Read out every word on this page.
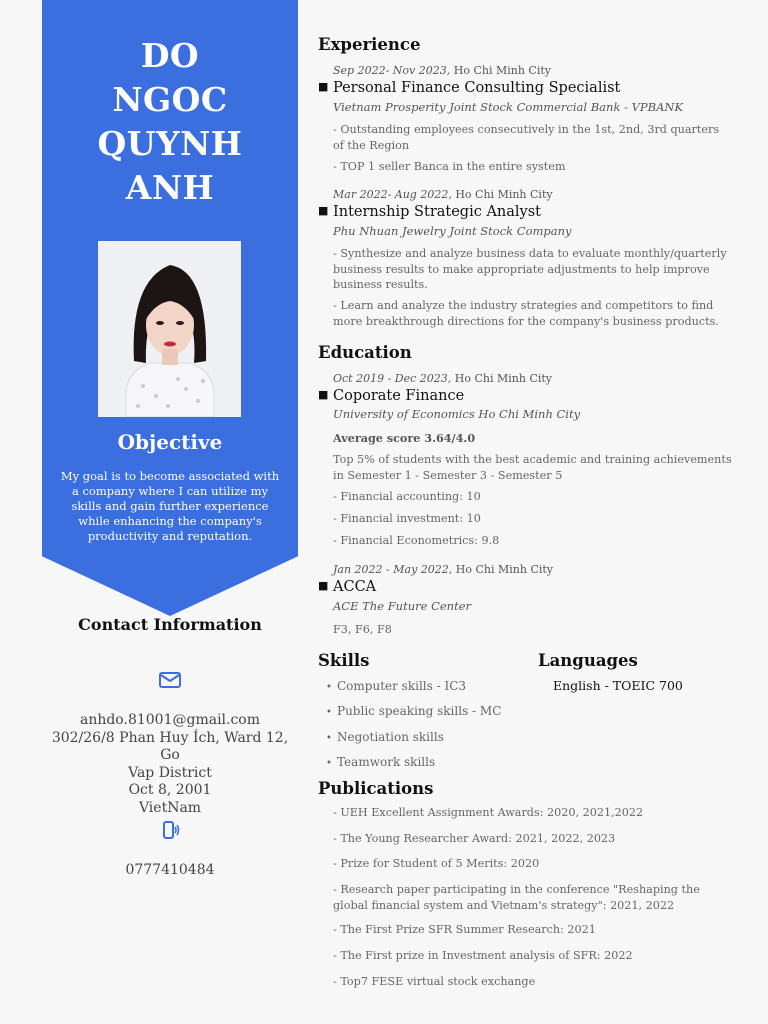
DO
NGOC
QUYNH
ANH
Objective
My goal is to become associated with a company where I can utilize my skills and gain further experience while enhancing the company's productivity and reputation.
Contact Information
anhdo.81001@gmail.com
302/26/8 Phan Huy Ích, Ward 12, Go
Vap District
Oct 8, 2001
VietNam
0777410484
Experience
Sep 2022- Nov 2023, Ho Chi Minh City
■ Personal Finance Consulting Specialist
Vietnam Prosperity Joint Stock Commercial Bank - VPBANK
- Outstanding employees consecutively in the 1st, 2nd, 3rd quarters of the Region
- TOP 1 seller Banca in the entire system
Mar 2022- Aug 2022, Ho Chi Minh City
■ Internship Strategic Analyst
Phu Nhuan Jewelry Joint Stock Company
- Synthesize and analyze business data to evaluate monthly/quarterly business results to make appropriate adjustments to help improve business results.
- Learn and analyze the industry strategies and competitors to find more breakthrough directions for the company's business products.
Education
Oct 2019 - Dec 2023, Ho Chi Minh City
■ Coporate Finance
University of Economics Ho Chi Minh City
Average score 3.64/4.0
Top 5% of students with the best academic and training achievements in Semester 1 - Semester 3 - Semester 5
- Financial accounting: 10
- Financial investment: 10
- Financial Econometrics: 9.8
Jan 2022 - May 2022, Ho Chi Minh City
■ ACCA
ACE The Future Center
F3, F6, F8
Skills	Languages
• Computer skills - IC3
• Public speaking skills - MC
• Negotiation skills
• Teamwork skills
English - TOEIC 700
Publications
- UEH Excellent Assignment Awards: 2020, 2021,2022
- The Young Researcher Award: 2021, 2022, 2023
- Prize for Student of 5 Merits: 2020
- Research paper participating in the conference "Reshaping the global financial system and Vietnam's strategy": 2021, 2022
- The First Prize SFR Summer Research: 2021
- The First prize in Investment analysis of SFR: 2022
- Top7 FESE virtual stock exchange
